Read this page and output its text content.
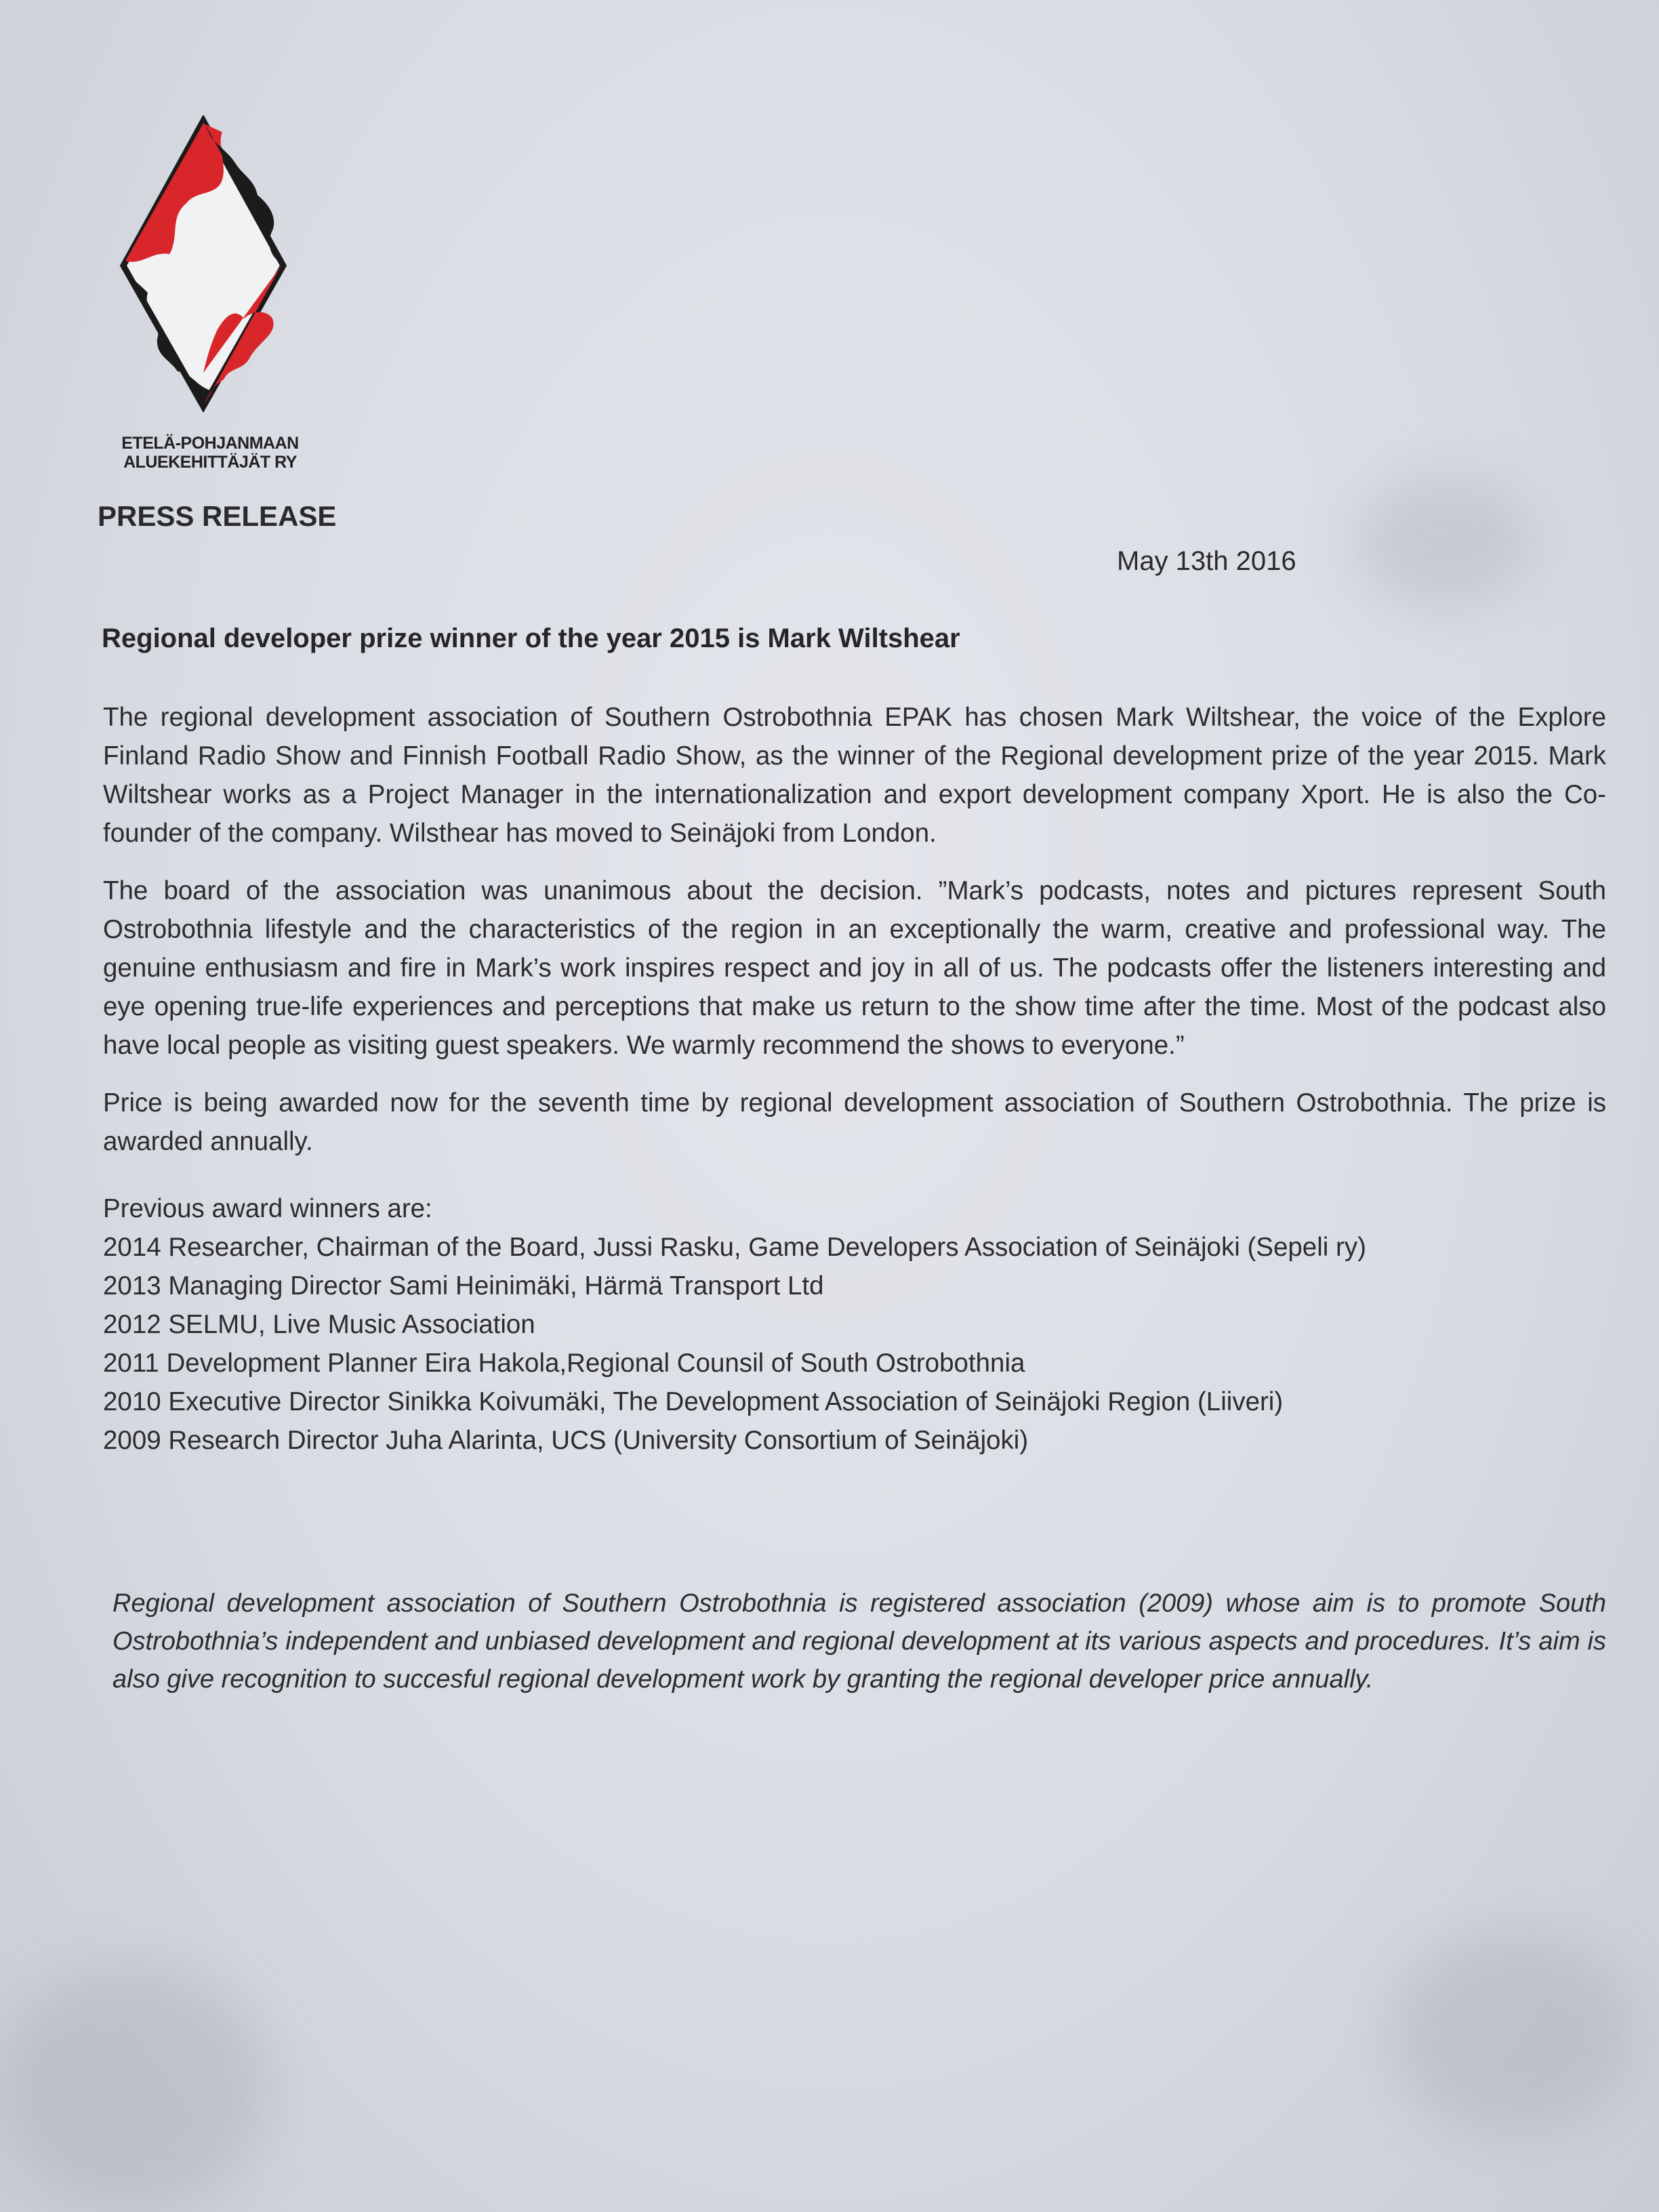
ETELÄ-POHJANMAAN
ALUEKEHITTÄJÄT RY
PRESS RELEASE
May 13th 2016
Regional developer prize winner of the year 2015 is Mark Wiltshear

The regional development association of Southern Ostrobothnia EPAK has chosen Mark Wiltshear, the voice of the Explore Finland Radio Show and Finnish Football Radio Show, as the winner of the Regional development prize of the year 2015. Mark Wiltshear works as a Project Manager in the internationalization and export development company Xport. He is also the Co-founder of the company. Wilsthear has moved to Seinäjoki from London.

The board of the association was unanimous about the decision. ”Mark’s podcasts, notes and pictures represent South Ostrobothnia lifestyle and the characteristics of the region in an exceptionally the warm, creative and professional way. The genuine enthusiasm and fire in Mark’s work inspires respect and joy in all of us. The podcasts offer the listeners interesting and eye opening true-life experiences and perceptions that make us return to the show time after the time. Most of the podcast also have local people as visiting guest speakers. We warmly recommend the shows to everyone.”

Price is being awarded now for the seventh time by regional development association of Southern Ostrobothnia. The prize is awarded annually.

Previous award winners are:

2014 Researcher, Chairman of the Board, Jussi Rasku, Game Developers Association of Seinäjoki (Sepeli ry)

2013 Managing Director Sami Heinimäki, Härmä Transport Ltd

2012 SELMU, Live Music Association

2011 Development Planner Eira Hakola,Regional Counsil of South Ostrobothnia

2010 Executive Director Sinikka Koivumäki, The Development Association of Seinäjoki Region (Liiveri)

2009 Research Director Juha Alarinta, UCS (University Consortium of Seinäjoki)

Regional development association of Southern Ostrobothnia is registered association (2009) whose aim is to promote South Ostrobothnia’s independent and unbiased development and regional development at its various aspects and procedures. It’s aim is also give recognition to succesful regional development work by granting the regional developer price annually.
